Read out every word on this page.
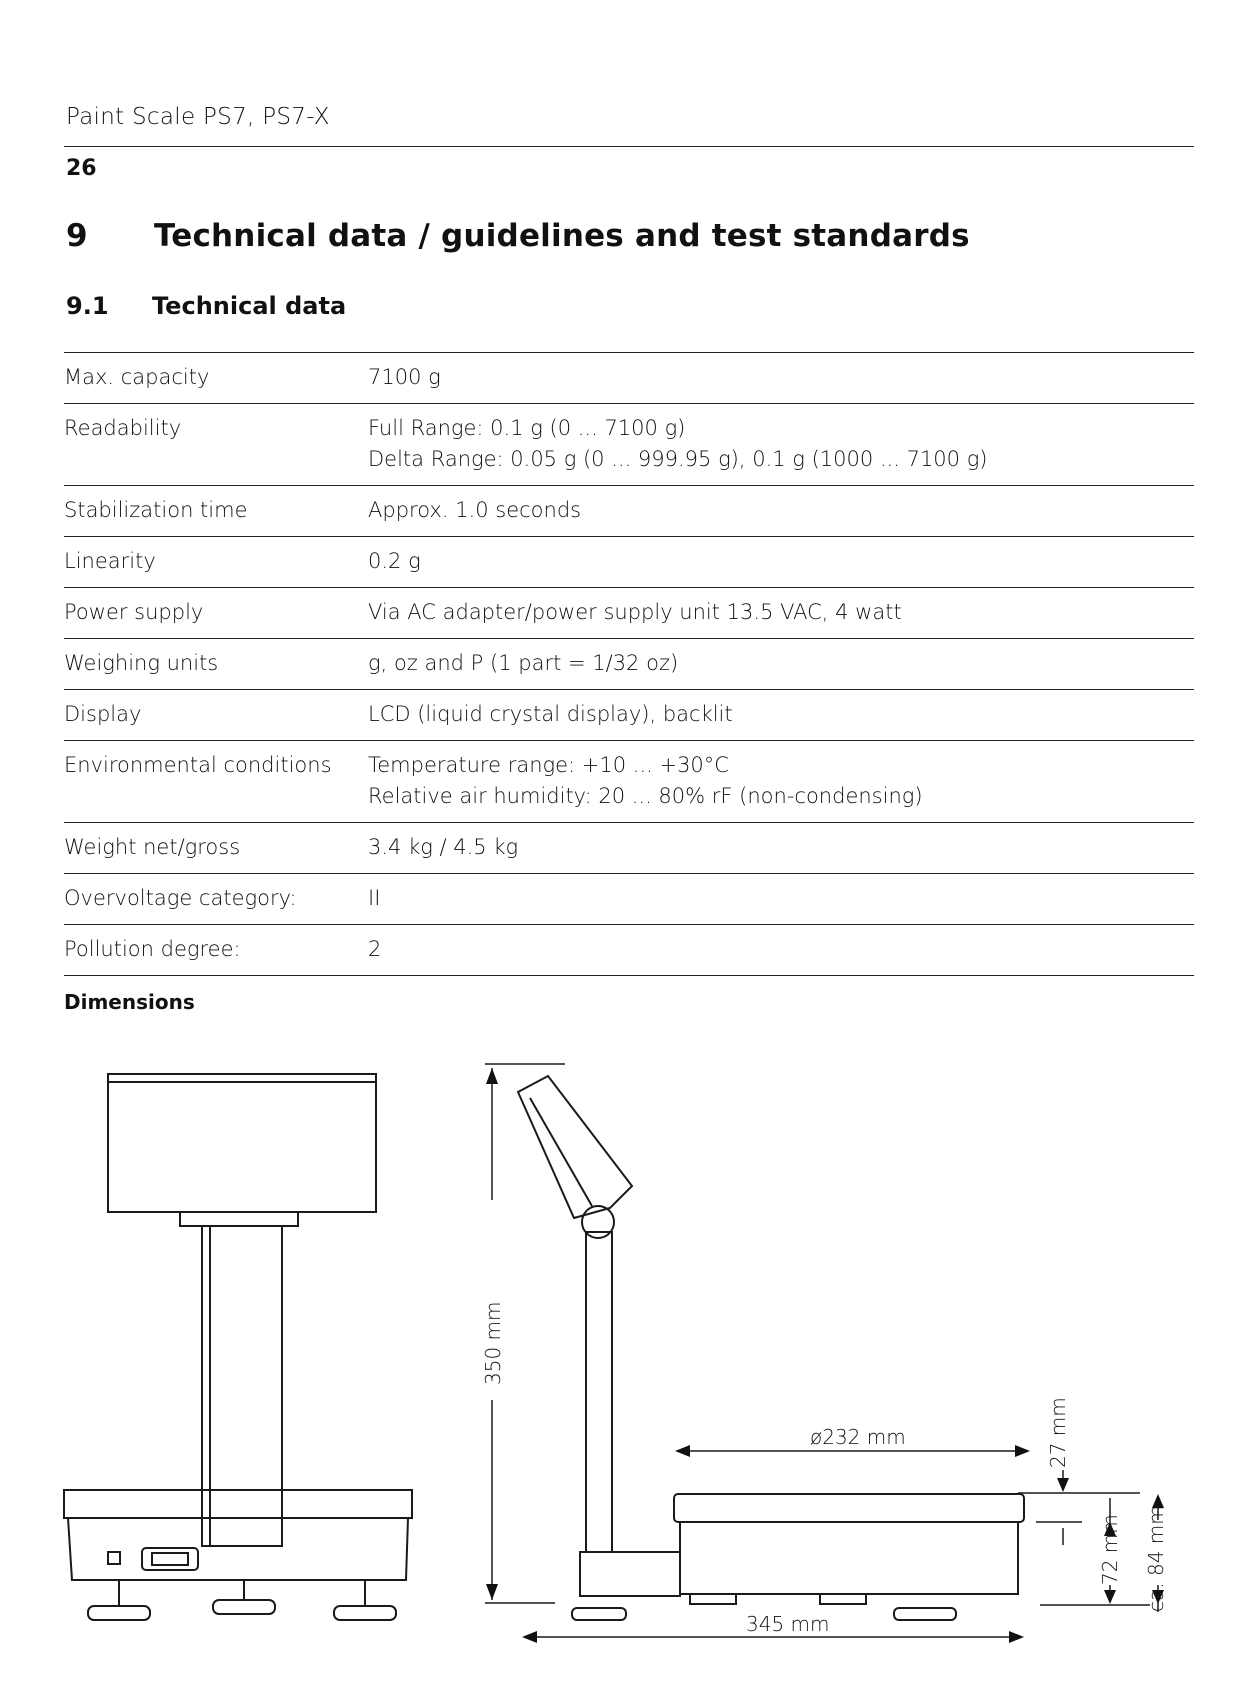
Paint Scale PS7, PS7-X
26
9 Technical data / guidelines and test standards
9.1 Technical data
Max. capacity	7100 g
Readability	Full Range: 0.1 g (0 ... 7100 g)
Delta Range: 0.05 g (0 ... 999.95 g), 0.1 g (1000 ... 7100 g)
Stabilization time	Approx. 1.0 seconds
Linearity	0.2 g
Power supply	Via AC adapter/power supply unit 13.5 VAC, 4 watt
Weighing units	g, oz and P (1 part = 1/32 oz)
Display	LCD (liquid crystal display), backlit
Environmental conditions	Temperature range: +10 ... +30°C
Relative air humidity: 20 ... 80% rF (non-condensing)
Weight net/gross	3.4 kg / 4.5 kg
Overvoltage category:	II
Pollution degree:	2
Dimensions
350 mm
ø232 mm
345 mm
27 mm
72 mm ca. 84 mm
